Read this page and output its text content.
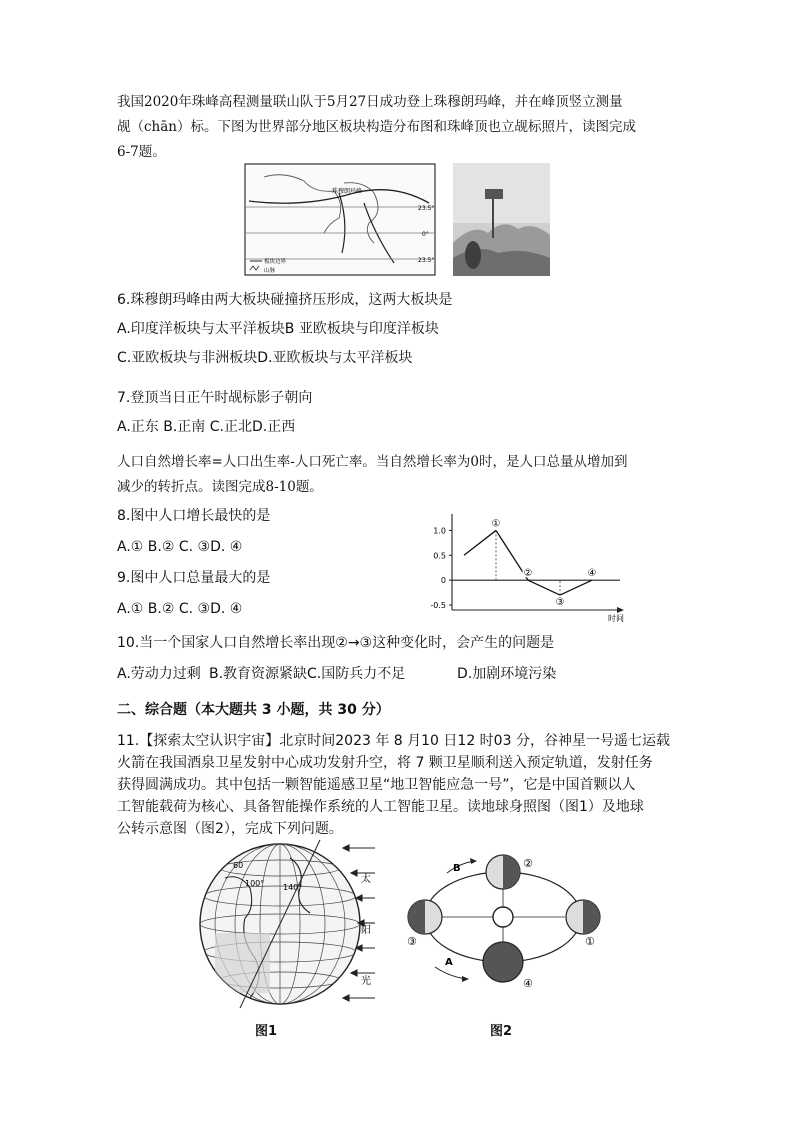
我国2020年珠峰高程测量联山队于5月27日成功登上珠穆朗玛峰，并在峰顶竖立测量
觇（chān）标。下图为世界部分地区板块构造分布图和珠峰顶也立觇标照片，读图完成
6-7题。
珠穆朗玛峰
23.5°
0°
23.5°
板块边界
山脉
6.珠穆朗玛峰由两大板块碰撞挤压形成，这两大板块是
A.印度洋板块与太平洋板块B 亚欧板块与印度洋板块
C.亚欧板块与非洲板块D.亚欧板块与太平洋板块
7.登顶当日正午时觇标影子朝向
A.正东 B.正南 C.正北D.正西
人口自然增长率=人口出生率-人口死亡率。当自然增长率为0时，是人口总量从增加到
减少的转折点。读图完成8-10题。
8.图中人口增长最快的是
A.① B.② C. ③D. ④
9.图中人口总量最大的是
A.① B.② C. ③D. ④
1.0
0.5
0
-0.5
时间
①
②
③
④
10.当一个国家人口自然增长率出现②→③这种变化时，会产生的问题是
A.劳动力过剩 B.教育资源紧缺 C.国防兵力不足	D.加剧环境污染
二、综合题（本大题共 3 小题，共 30 分）
11.【探索太空认识宇宙】北京时间2023 年 8 月10 日12 时03 分，谷神星一号遥七运载
火箭在我国酒泉卫星发射中心成功发射升空，将 7 颗卫星顺利送入预定轨道，发射任务
获得圆满成功。其中包括一颗智能遥感卫星“地卫智能应急一号”，它是中国首颗以人
工智能载荷为核心、具备智能操作系统的人工智能卫星。读地球身照图（图1）及地球
公转示意图（图2），完成下列问题。
60
100° 140°
太
阳
光
图1
②
①
③
④
B
A
图2
